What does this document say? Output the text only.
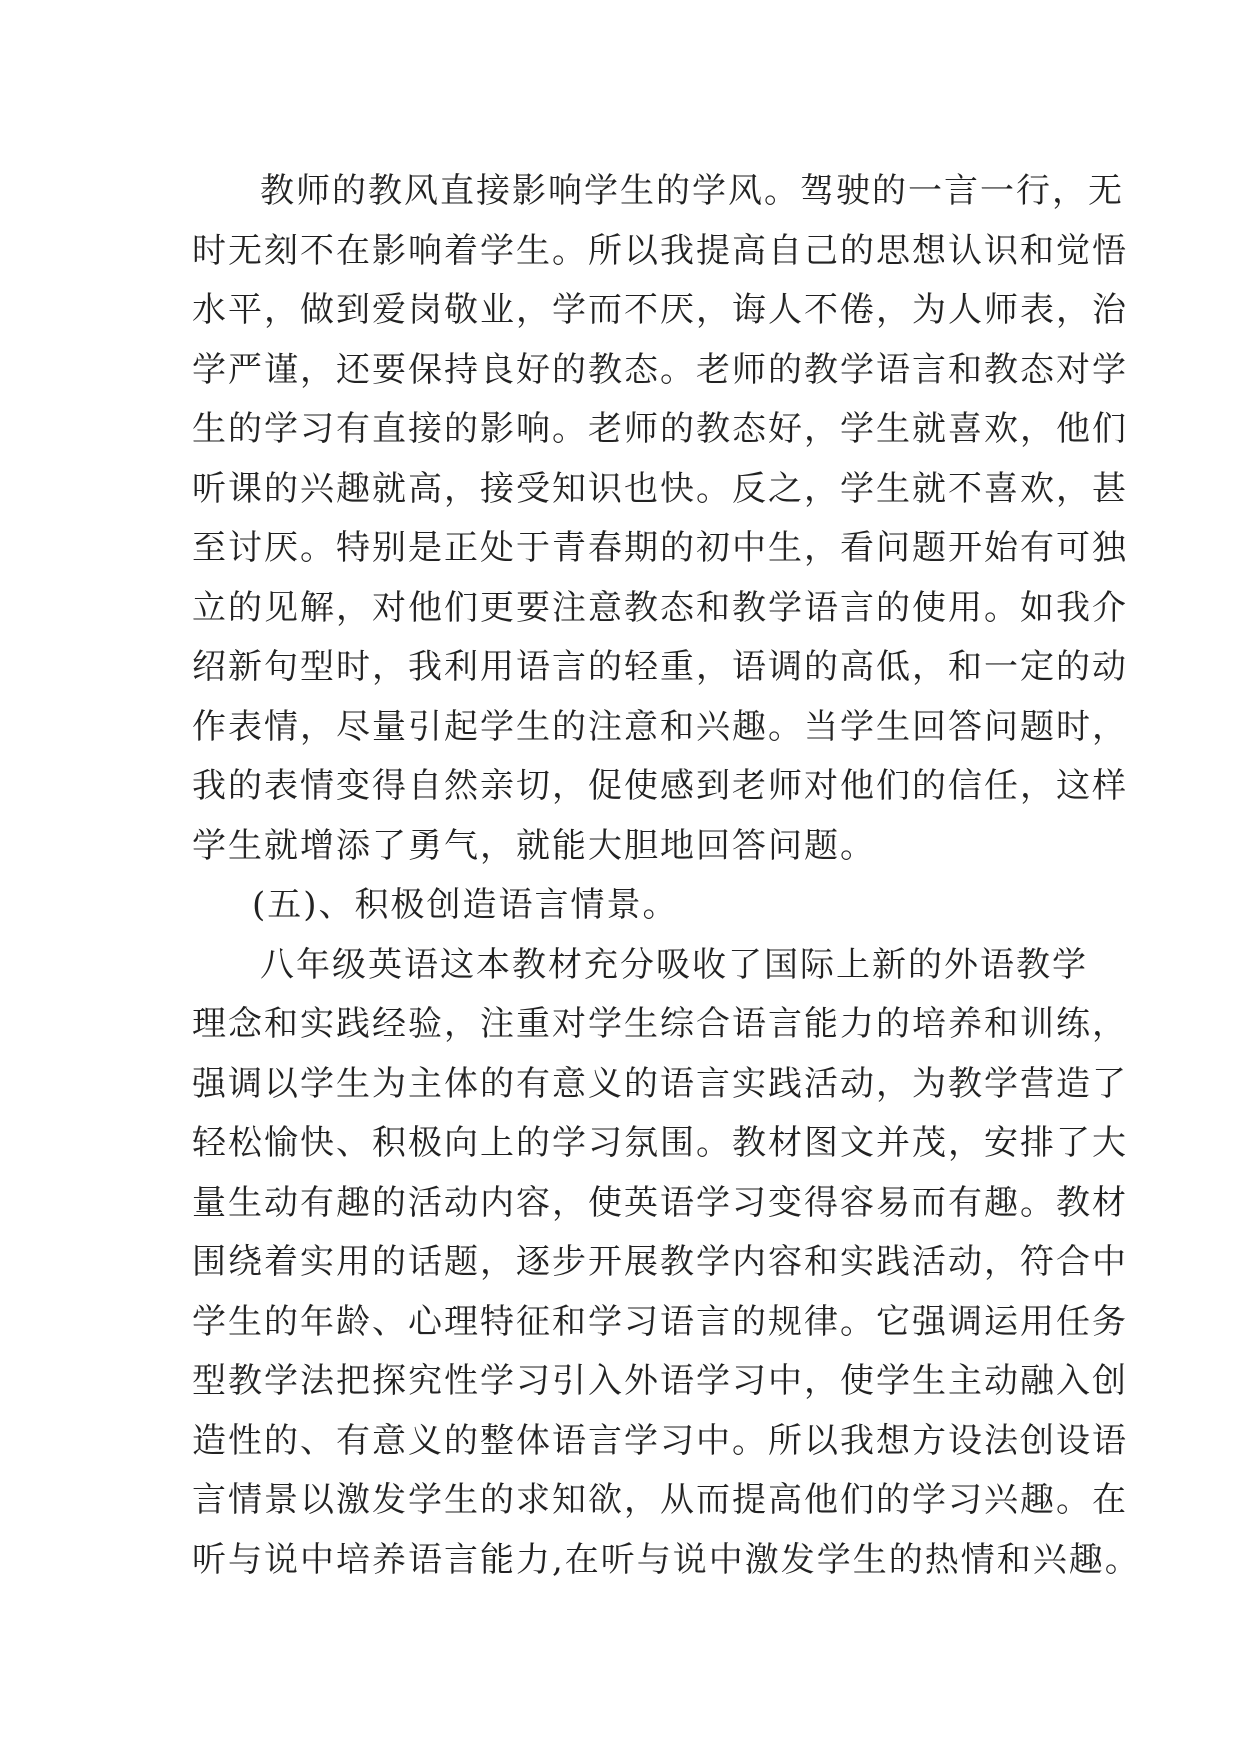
教师的教风直接影响学生的学风。驾驶的一言一行，无
时无刻不在影响着学生。所以我提高自己的思想认识和觉悟
水平，做到爱岗敬业，学而不厌，诲人不倦，为人师表，治
学严谨，还要保持良好的教态。老师的教学语言和教态对学
生的学习有直接的影响。老师的教态好，学生就喜欢，他们
听课的兴趣就高，接受知识也快。反之，学生就不喜欢，甚
至讨厌。特别是正处于青春期的初中生，看问题开始有可独
立的见解，对他们更要注意教态和教学语言的使用。如我介
绍新句型时，我利用语言的轻重，语调的高低，和一定的动
作表情，尽量引起学生的注意和兴趣。当学生回答问题时，
我的表情变得自然亲切，促使感到老师对他们的信任，这样
学生就增添了勇气，就能大胆地回答问题。
(五)、积极创造语言情景。
八年级英语这本教材充分吸收了国际上新的外语教学
理念和实践经验，注重对学生综合语言能力的培养和训练，
强调以学生为主体的有意义的语言实践活动，为教学营造了
轻松愉快、积极向上的学习氛围。教材图文并茂，安排了大
量生动有趣的活动内容，使英语学习变得容易而有趣。教材
围绕着实用的话题，逐步开展教学内容和实践活动，符合中
学生的年龄、心理特征和学习语言的规律。它强调运用任务
型教学法把探究性学习引入外语学习中，使学生主动融入创
造性的、有意义的整体语言学习中。所以我想方设法创设语
言情景以激发学生的求知欲，从而提高他们的学习兴趣。在
听与说中培养语言能力,在听与说中激发学生的热情和兴趣。
